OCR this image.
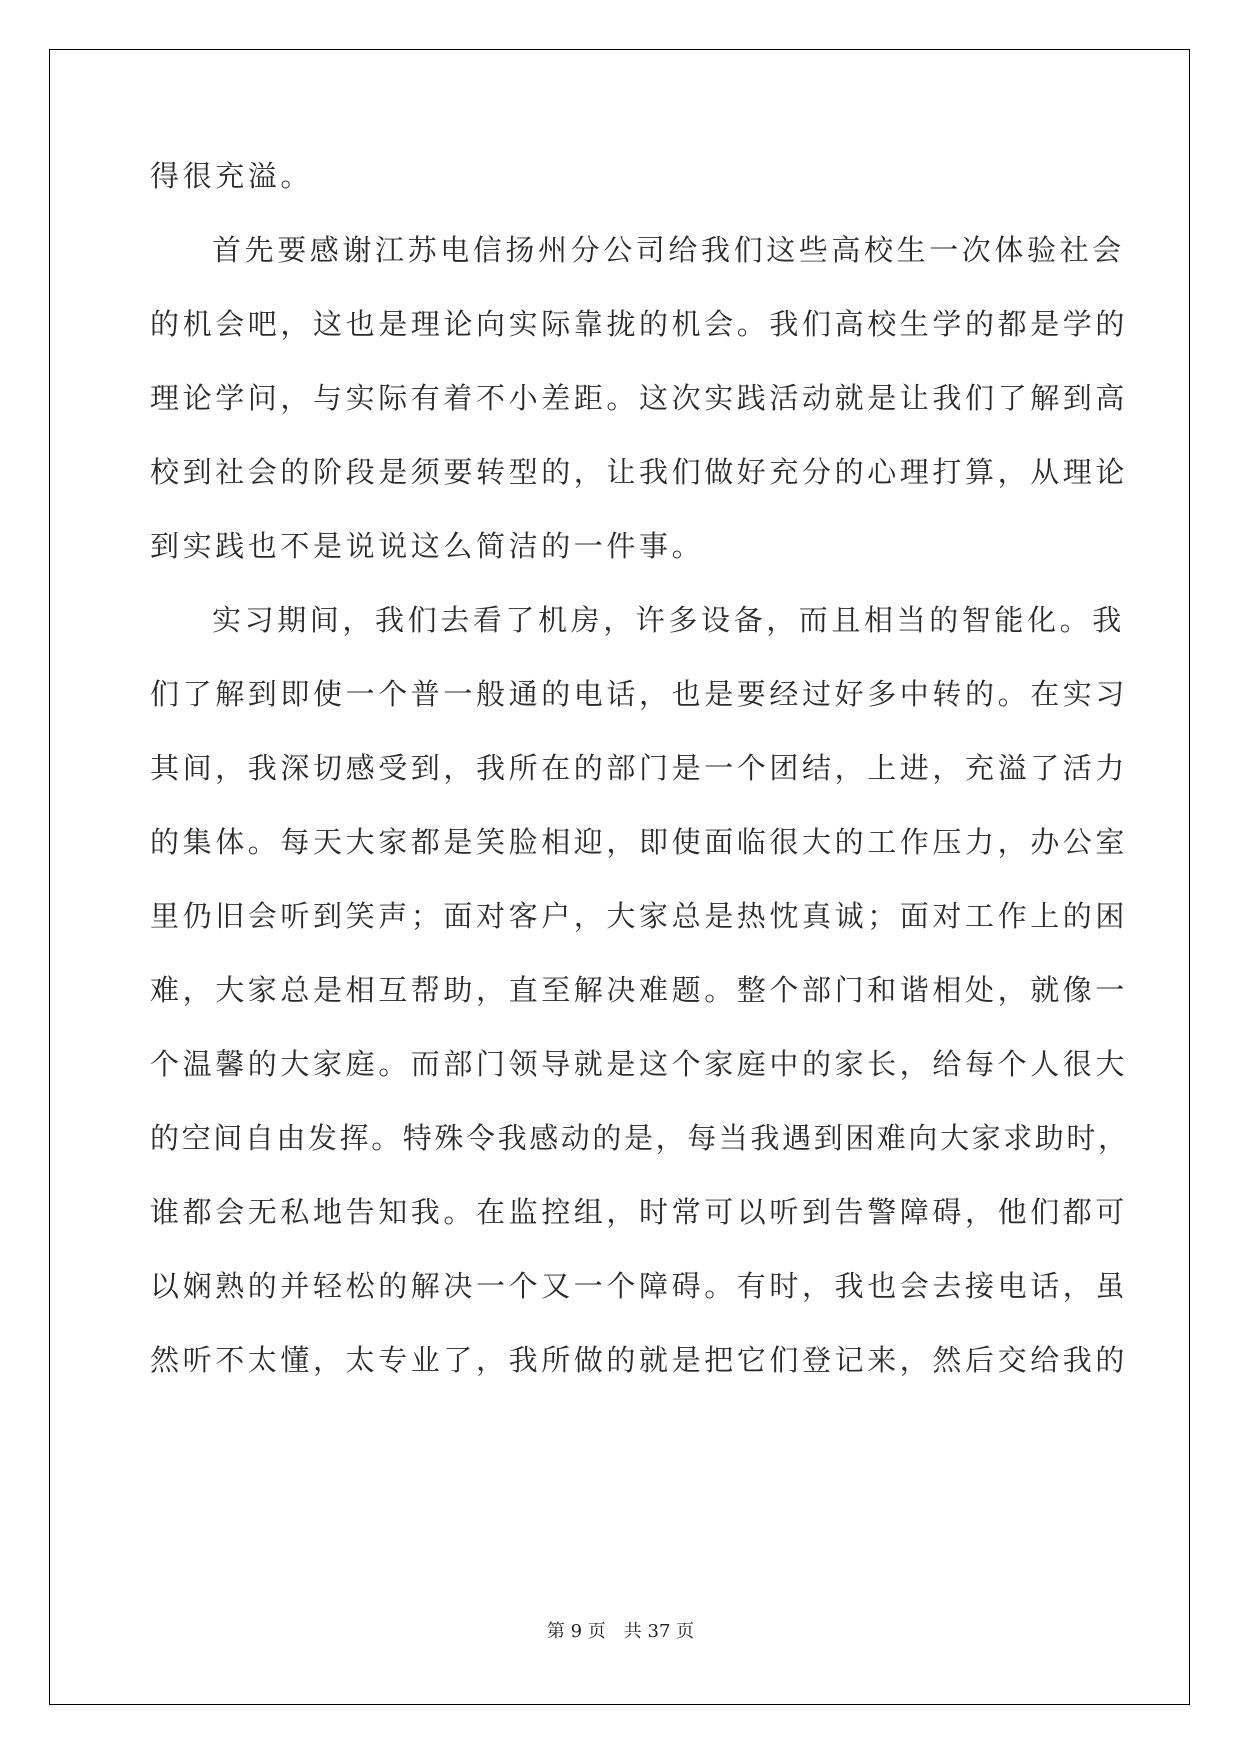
得很充溢。
首先要感谢江苏电信扬州分公司给我们这些高校生一次体验社会
的机会吧，这也是理论向实际靠拢的机会。我们高校生学的都是学的
理论学问，与实际有着不小差距。这次实践活动就是让我们了解到高
校到社会的阶段是须要转型的，让我们做好充分的心理打算，从理论
到实践也不是说说这么简洁的一件事。
实习期间，我们去看了机房，许多设备，而且相当的智能化。我
们了解到即使一个普一般通的电话，也是要经过好多中转的。在实习
其间，我深切感受到，我所在的部门是一个团结，上进，充溢了活力
的集体。每天大家都是笑脸相迎，即使面临很大的工作压力，办公室
里仍旧会听到笑声；面对客户，大家总是热忱真诚；面对工作上的困
难，大家总是相互帮助，直至解决难题。整个部门和谐相处，就像一
个温馨的大家庭。而部门领导就是这个家庭中的家长，给每个人很大
的空间自由发挥。特殊令我感动的是，每当我遇到困难向大家求助时，
谁都会无私地告知我。在监控组，时常可以听到告警障碍，他们都可
以娴熟的并轻松的解决一个又一个障碍。有时，我也会去接电话，虽
然听不太懂，太专业了，我所做的就是把它们登记来，然后交给我的
第 9 页　共 37 页
